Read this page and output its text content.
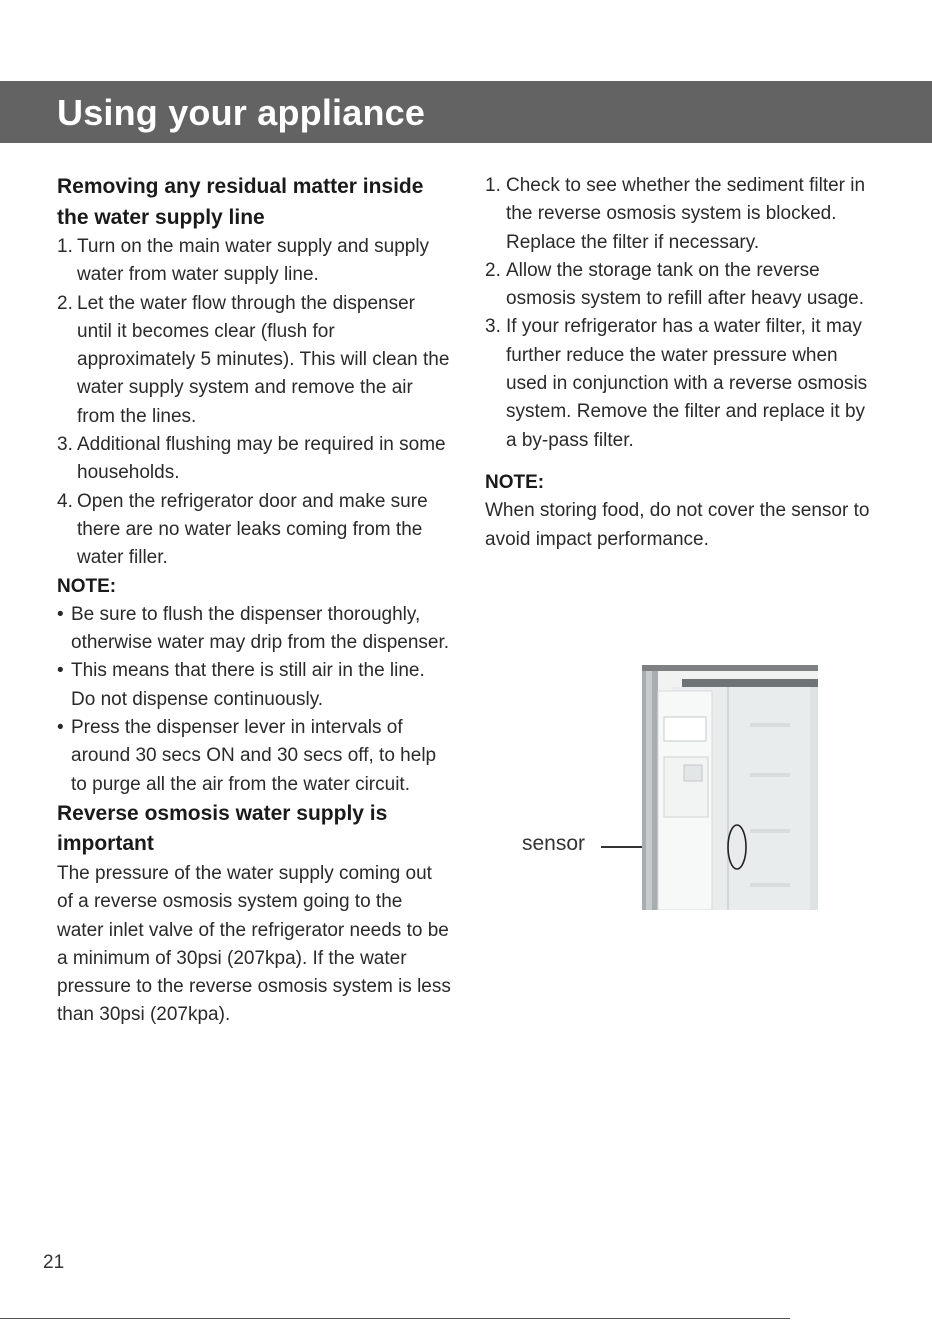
Using your appliance
Removing any residual matter inside the water supply line
1. Turn on the main water supply and supply water from water supply line.
2. Let the water flow through the dispenser until it becomes clear (flush for approximately 5 minutes). This will clean the water supply system and remove the air from the lines.
3. Additional flushing may be required in some households.
4. Open the refrigerator door and make sure there are no water leaks coming from the water filler.
NOTE:
• Be sure to flush the dispenser thoroughly, otherwise water may drip from the dispenser.
• This means that there is still air in the line. Do not dispense continuously.
• Press the dispenser lever in intervals of around 30 secs ON and 30 secs off, to help to purge all the air from the water circuit.
Reverse osmosis water supply is important

The pressure of the water supply coming out of a reverse osmosis system going to the water inlet valve of the refrigerator needs to be a minimum of 30psi (207kpa). If the water pressure to the reverse osmosis system is less than 30psi (207kpa).

1. Check to see whether the sediment filter in the reverse osmosis system is blocked. Replace the filter if necessary.
2. Allow the storage tank on the reverse osmosis system to refill after heavy usage.
3. If your refrigerator has a water filter, it may further reduce the water pressure when used in conjunction with a reverse osmosis system. Remove the filter and replace it by a by-pass filter.
NOTE:
When storing food, do not cover the sensor to avoid impact performance.
sensor
21
